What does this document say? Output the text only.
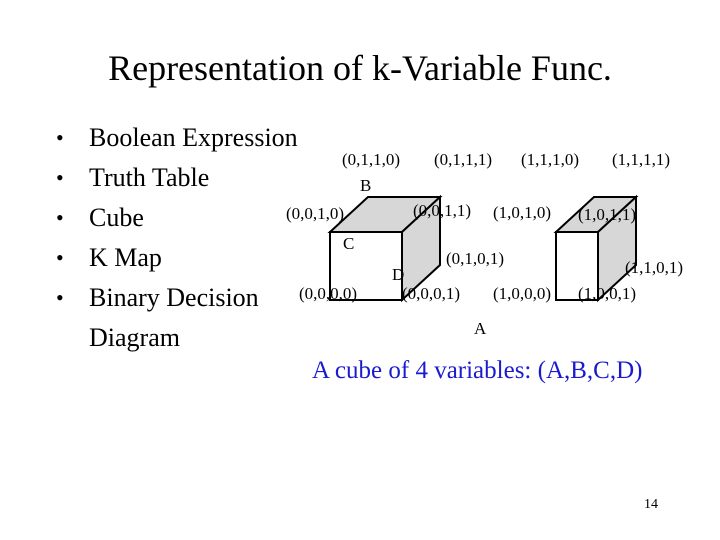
Representation of k-Variable Func.
• Boolean Expression
• Truth Table
• Cube
• K Map
• Binary Decision
Diagram
(0,1,1,0) (0,1,1,1) (1,1,1,0) (1,1,1,1)
B
(0,0,1,0)	(0,0,1,1) (1,0,1,0) (1,0,1,1)
C
(0,1,0,1)
D	(1,1,0,1)
(0,0,0,0)	(0,0,0,1) (1,0,0,0) (1,0,0,1)
A
A cube of 4 variables: (A,B,C,D)
14
